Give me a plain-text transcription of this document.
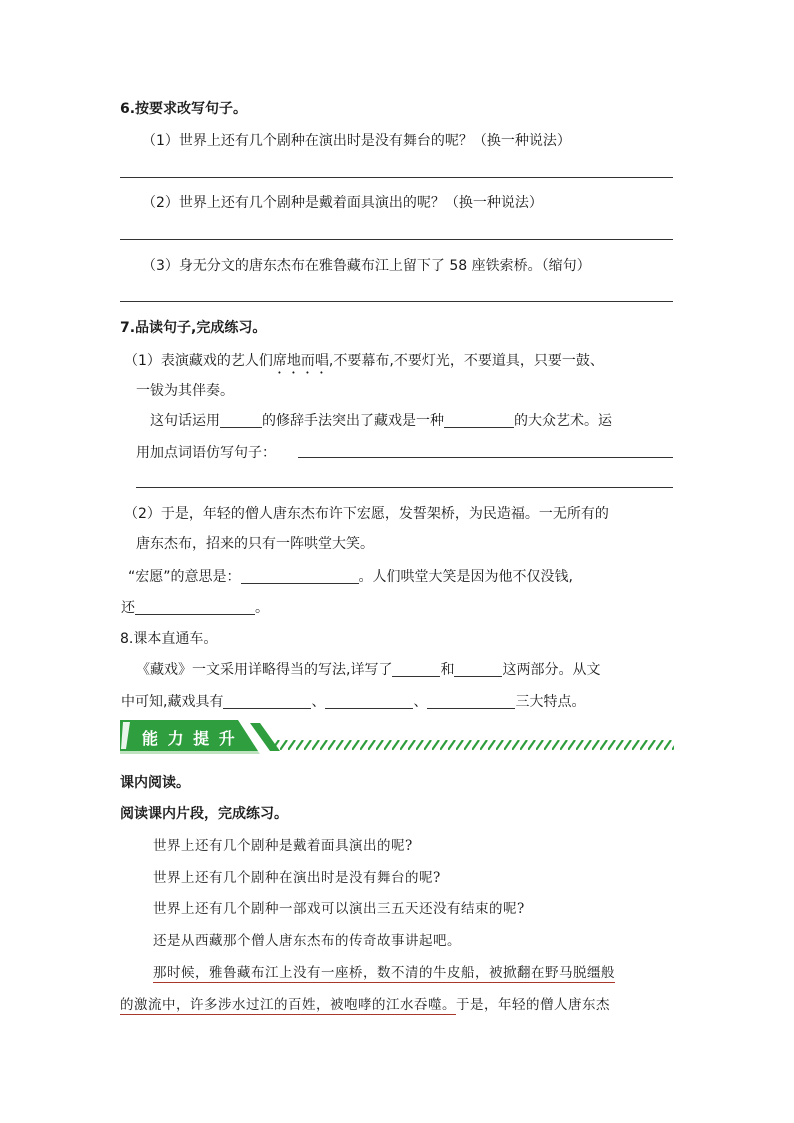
6.按要求改写句子。
（1）世界上还有几个剧种在演出时是没有舞台的呢？（换一种说法）
（2）世界上还有几个剧种是戴着面具演出的呢？（换一种说法）
（3）身无分文的唐东杰布在雅鲁藏布江上留下了 58 座铁索桥。（缩句）
7.品读句子,完成练习。
（1）表演藏戏的艺人们席地而唱,不要幕布,不要灯光，不要道具，只要一鼓、
一钹为其伴奏。
这句话运用	的修辞手法突出了藏戏是一种	的大众艺术。运
用加点词语仿写句子：
（2）于是，年轻的僧人唐东杰布许下宏愿，发誓架桥，为民造福。一无所有的
唐东杰布，招来的只有一阵哄堂大笑。
“宏愿”的意思是：	。人们哄堂大笑是因为他不仅没钱,
还	。
8.课本直通车。
《藏戏》一文采用详略得当的写法,详写了	和	这两部分。从文
中可知,藏戏具有	、	、	三大特点。
能 力 提 升
课内阅读。
阅读课内片段，完成练习。
世界上还有几个剧种是戴着面具演出的呢?
世界上还有几个剧种在演出时是没有舞台的呢?
世界上还有几个剧种一部戏可以演出三五天还没有结束的呢?
还是从西藏那个僧人唐东杰布的传奇故事讲起吧。
那时候，雅鲁藏布江上没有一座桥，数不清的牛皮船，被掀翻在野马脱缰般
的激流中，许多涉水过江的百姓，被咆哮的江水吞噬。于是，年轻的僧人唐东杰
